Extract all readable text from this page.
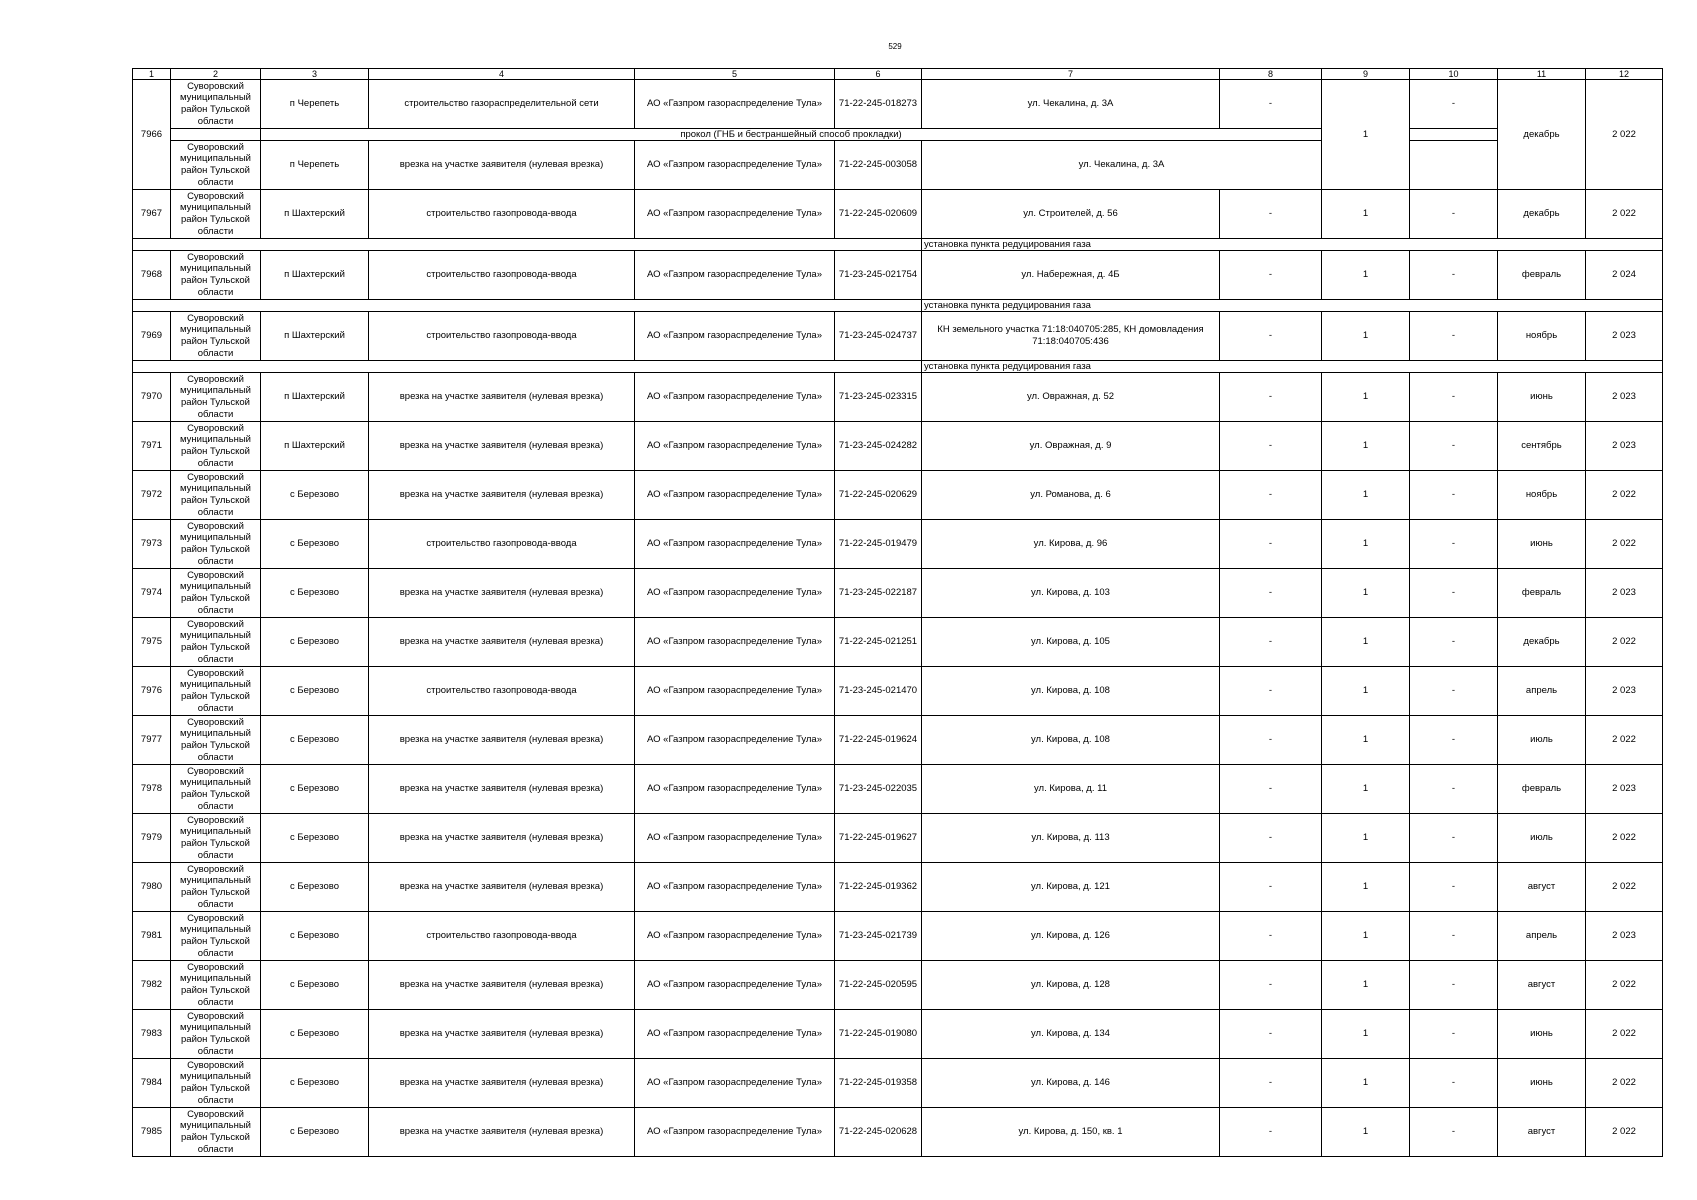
529
1	2	3	4	5	6	7	8	9	10	11	12
7966	Суворовский муниципальный район Тульской области	п Черепеть	строительство газораспределительной сети	АО «Газпром газораспределение Тула»	71-22-245-018273	ул. Чекалина, д. 3А	-	1	-	декабрь	2 022
		прокол (ГНБ и бестраншейный способ прокладки)									
	Суворовский муниципальный район Тульской области	п Черепеть	врезка на участке заявителя (нулевая врезка)	АО «Газпром газораспределение Тула»	71-22-245-003058	ул. Чекалина, д. 3А					
7967	Суворовский муниципальный район Тульской области	п Шахтерский	строительство газопровода-ввода	АО «Газпром газораспределение Тула»	71-22-245-020609	ул. Строителей, д. 56	-	1	-	декабрь	2 022
						установка пункта редуцирования газа					
7968	Суворовский муниципальный район Тульской области	п Шахтерский	строительство газопровода-ввода	АО «Газпром газораспределение Тула»	71-23-245-021754	ул. Набережная, д. 4Б	-	1	-	февраль	2 024
						установка пункта редуцирования газа					
7969	Суворовский муниципальный район Тульской области	п Шахтерский	строительство газопровода-ввода	АО «Газпром газораспределение Тула»	71-23-245-024737	КН земельного участка 71:18:040705:285, КН домовладения 71:18:040705:436	-	1	-	ноябрь	2 023
						установка пункта редуцирования газа					
7970	Суворовский муниципальный район Тульской области	п Шахтерский	врезка на участке заявителя (нулевая врезка)	АО «Газпром газораспределение Тула»	71-23-245-023315	ул. Овражная, д. 52	-	1	-	июнь	2 023
7971	Суворовский муниципальный район Тульской области	п Шахтерский	врезка на участке заявителя (нулевая врезка)	АО «Газпром газораспределение Тула»	71-23-245-024282	ул. Овражная, д. 9	-	1	-	сентябрь	2 023
7972	Суворовский муниципальный район Тульской области	с Березово	врезка на участке заявителя (нулевая врезка)	АО «Газпром газораспределение Тула»	71-22-245-020629	ул. Романова, д. 6	-	1	-	ноябрь	2 022
7973	Суворовский муниципальный район Тульской области	с Березово	строительство газопровода-ввода	АО «Газпром газораспределение Тула»	71-22-245-019479	ул. Кирова, д. 96	-	1	-	июнь	2 022
7974	Суворовский муниципальный район Тульской области	с Березово	врезка на участке заявителя (нулевая врезка)	АО «Газпром газораспределение Тула»	71-23-245-022187	ул. Кирова, д. 103	-	1	-	февраль	2 023
7975	Суворовский муниципальный район Тульской области	с Березово	врезка на участке заявителя (нулевая врезка)	АО «Газпром газораспределение Тула»	71-22-245-021251	ул. Кирова, д. 105	-	1	-	декабрь	2 022
7976	Суворовский муниципальный район Тульской области	с Березово	строительство газопровода-ввода	АО «Газпром газораспределение Тула»	71-23-245-021470	ул. Кирова, д. 108	-	1	-	апрель	2 023
7977	Суворовский муниципальный район Тульской области	с Березово	врезка на участке заявителя (нулевая врезка)	АО «Газпром газораспределение Тула»	71-22-245-019624	ул. Кирова, д. 108	-	1	-	июль	2 022
7978	Суворовский муниципальный район Тульской области	с Березово	врезка на участке заявителя (нулевая врезка)	АО «Газпром газораспределение Тула»	71-23-245-022035	ул. Кирова, д. 11	-	1	-	февраль	2 023
7979	Суворовский муниципальный район Тульской области	с Березово	врезка на участке заявителя (нулевая врезка)	АО «Газпром газораспределение Тула»	71-22-245-019627	ул. Кирова, д. 113	-	1	-	июль	2 022
7980	Суворовский муниципальный район Тульской области	с Березово	врезка на участке заявителя (нулевая врезка)	АО «Газпром газораспределение Тула»	71-22-245-019362	ул. Кирова, д. 121	-	1	-	август	2 022
7981	Суворовский муниципальный район Тульской области	с Березово	строительство газопровода-ввода	АО «Газпром газораспределение Тула»	71-23-245-021739	ул. Кирова, д. 126	-	1	-	апрель	2 023
7982	Суворовский муниципальный район Тульской области	с Березово	врезка на участке заявителя (нулевая врезка)	АО «Газпром газораспределение Тула»	71-22-245-020595	ул. Кирова, д. 128	-	1	-	август	2 022
7983	Суворовский муниципальный район Тульской области	с Березово	врезка на участке заявителя (нулевая врезка)	АО «Газпром газораспределение Тула»	71-22-245-019080	ул. Кирова, д. 134	-	1	-	июнь	2 022
7984	Суворовский муниципальный район Тульской области	с Березово	врезка на участке заявителя (нулевая врезка)	АО «Газпром газораспределение Тула»	71-22-245-019358	ул. Кирова, д. 146	-	1	-	июнь	2 022
7985	Суворовский муниципальный район Тульской области	с Березово	врезка на участке заявителя (нулевая врезка)	АО «Газпром газораспределение Тула»	71-22-245-020628	ул. Кирова, д. 150, кв. 1	-	1	-	август	2 022
